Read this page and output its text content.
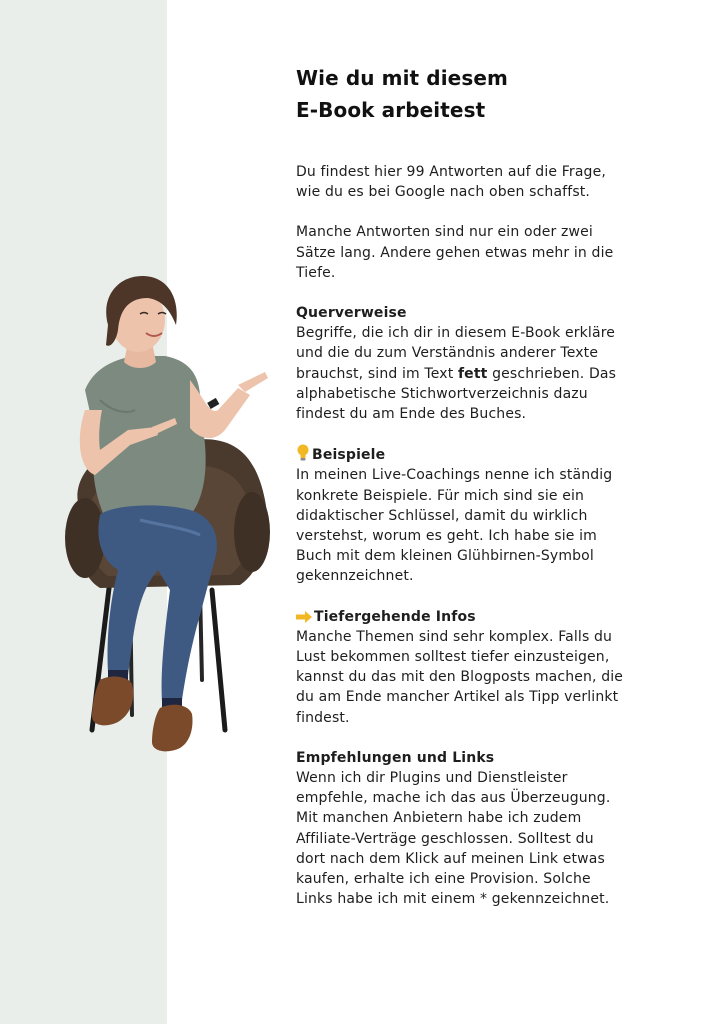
Wie du mit diesem
E-Book arbeitest

Du findest hier 99 Antworten auf die Frage, wie du es bei Google nach oben schaffst.

Manche Antworten sind nur ein oder zwei Sätze lang. Andere gehen etwas mehr in die Tiefe.

Querverweise
Begriffe, die ich dir in diesem E-Book erkläre und die du zum Verständnis anderer Texte brauchst, sind im Text fett geschrieben. Das alphabetische Stichwortverzeichnis dazu findest du am Ende des Buches.

Beispiele
In meinen Live-Coachings nenne ich ständig konkrete Beispiele. Für mich sind sie ein didaktischer Schlüssel, damit du wirklich verstehst, worum es geht. Ich habe sie im Buch mit dem kleinen Glühbirnen-Symbol gekennzeichnet.

Tiefergehende Infos
Manche Themen sind sehr komplex. Falls du Lust bekommen solltest tiefer einzusteigen, kannst du das mit den Blogposts machen, die du am Ende mancher Artikel als Tipp verlinkt findest.

Empfehlungen und Links
Wenn ich dir Plugins und Dienstleister empfehle, mache ich das aus Überzeugung. Mit manchen Anbietern habe ich zudem Affiliate-Verträge geschlossen. Solltest du dort nach dem Klick auf meinen Link etwas kaufen, erhalte ich eine Provision. Solche Links habe ich mit einem * gekennzeichnet.
